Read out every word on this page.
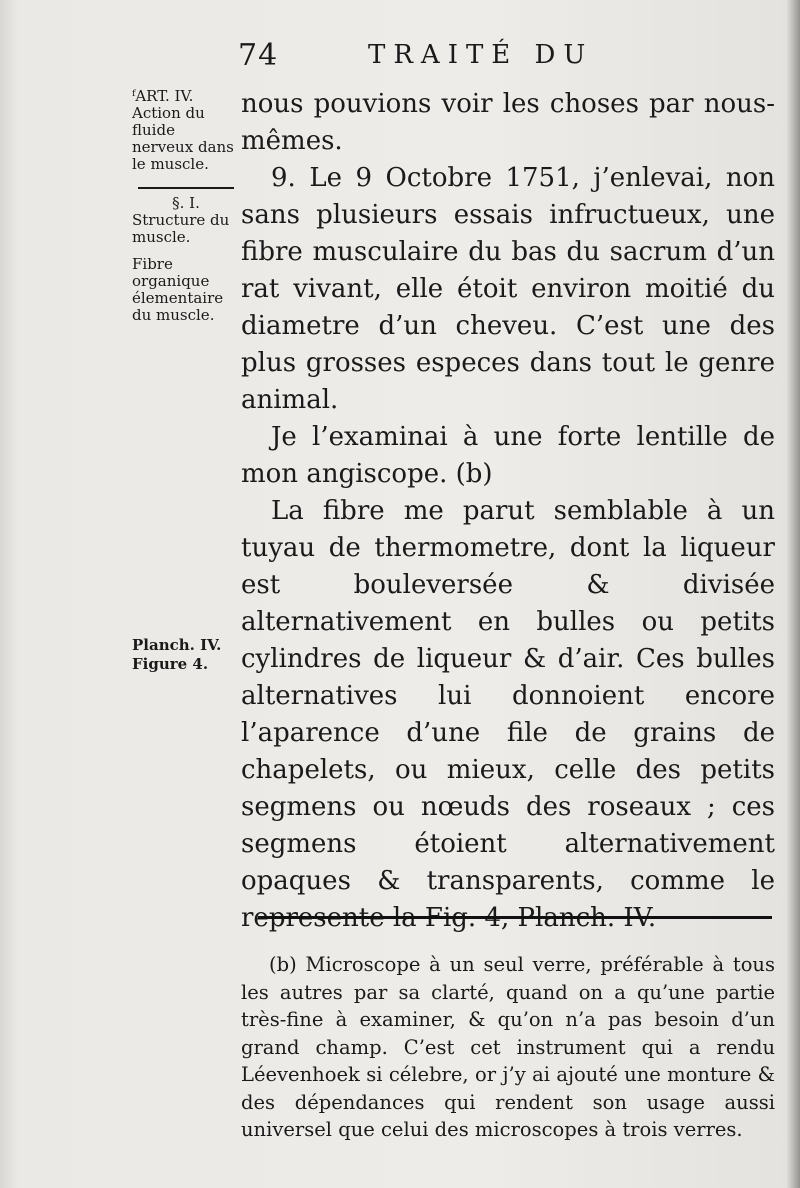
74	TRAITÉ DU
ᶠART. IV.
Action du fluide nerveux dans le muscle.
§. I.
Structure du muscle.
Fibre organique élementaire du muscle.
Planch. IV.
Figure 4.

nous pouvions voir les choses par nous-mêmes.

9. Le 9 Octobre 1751, j’enlevai, non sans plusieurs essais infructueux, une fibre musculaire du bas du sacrum d’un rat vivant, elle étoit environ moitié du diametre d’un cheveu. C’est une des plus grosses especes dans tout le genre animal.

Je l’examinai à une forte lentille de mon angiscope. (b)

La fibre me parut semblable à un tuyau de thermometre, dont la liqueur est bouleversée & divisée alternativement en bulles ou petits cylindres de liqueur & d’air. Ces bulles alternatives lui donnoient encore l’aparence d’une file de grains de chapelets, ou mieux, celle des petits segmens ou nœuds des roseaux ; ces segmens étoient alternativement opaques & transparents, comme le represente la Fig. 4, Planch. IV.

(b) Microscope à un seul verre, préférable à tous les autres par sa clarté, quand on a qu’une partie très-fine à examiner, & qu’on n’a pas besoin d’un grand champ. C’est cet instrument qui a rendu Léevenhoek si célebre, or j’y ai ajouté une monture & des dépendances qui rendent son usage aussi universel que celui des microscopes à trois verres.
